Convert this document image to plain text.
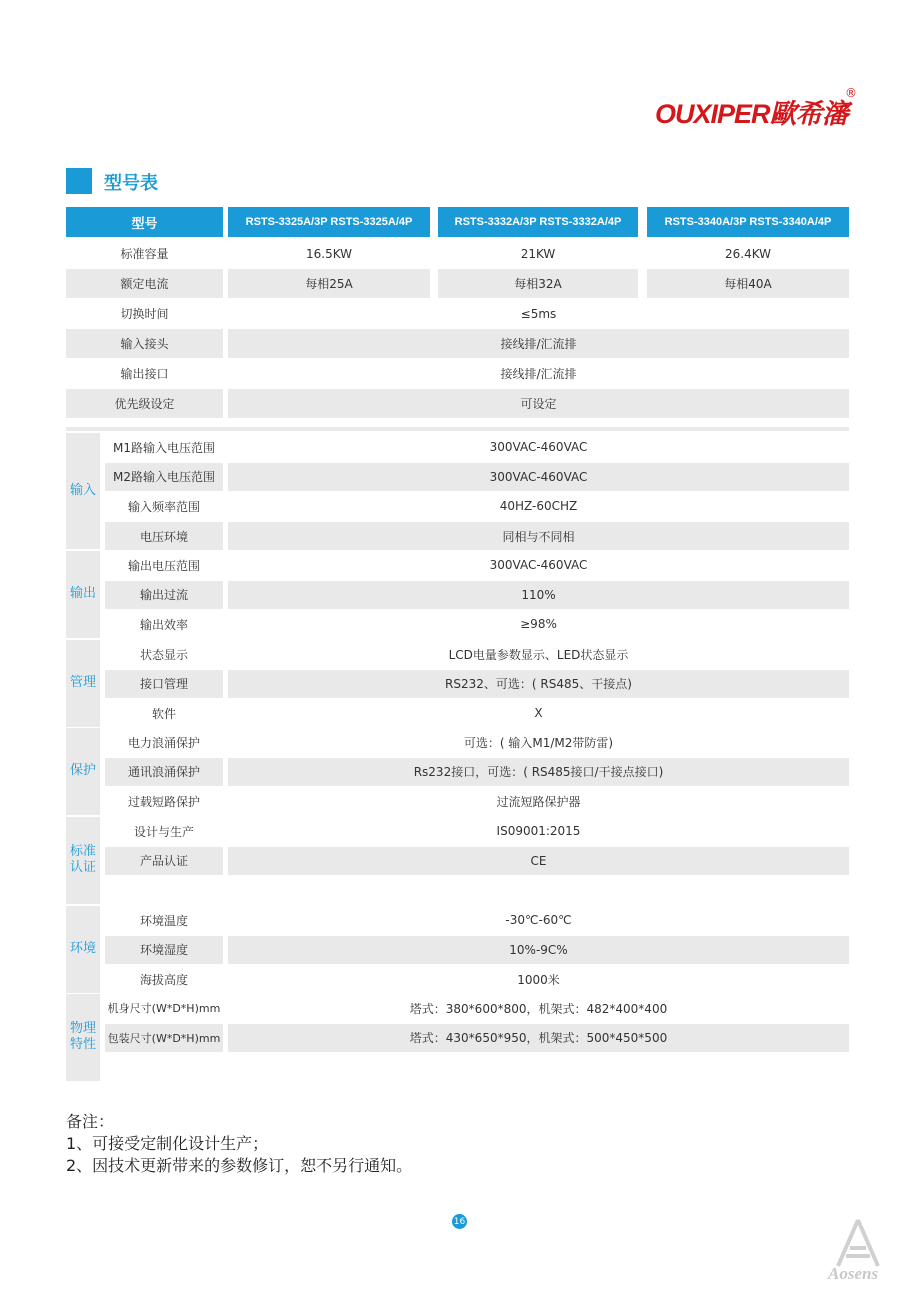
OUXIPER歐希瀋
®
型号表
型号	RSTS-3325A/3P RSTS-3325A/4P	RSTS-3332A/3P RSTS-3332A/4P	RSTS-3340A/3P RSTS-3340A/4P
标准容量	16.5KW	21KW	26.4KW
额定电流	每相25A	每相32A	每相40A
切换时间	≤5ms
输入接头	接线排/汇流排
输出接口	接线排/汇流排
优先级设定	可设定
输入
M1路输入电压范围	300VAC-460VAC
M2路输入电压范围	300VAC-460VAC
输入频率范围	40HZ-60CHZ
电压环境	同相与不同相
输出
输出电压范围	300VAC-460VAC
输出过流	110%
输出效率	≥98%
管理
状态显示	LCD电量参数显示、LED状态显示
接口管理	RS232、可选：( RS485、干接点)
软件	X
保护
电力浪涌保护	可选：( 输入M1/M2带防雷)
通讯浪涌保护	Rs232接口，可选：( RS485接口/干接点接口)
过载短路保护	过流短路保护器
标准
认证
设计与生产	IS09001:2015
产品认证	CE
环境
环境温度	-30℃-60℃
环境湿度	10%-9C%
海拔高度	1000米
物理
特性
机身尺寸(W*D*H)mm	塔式：380*600*800，机架式：482*400*400
包装尺寸(W*D*H)mm	塔式：430*650*950，机架式：500*450*500
备注：
1、可接受定制化设计生产；
2、因技术更新带来的参数修订，恕不另行通知。
16
Aosens
